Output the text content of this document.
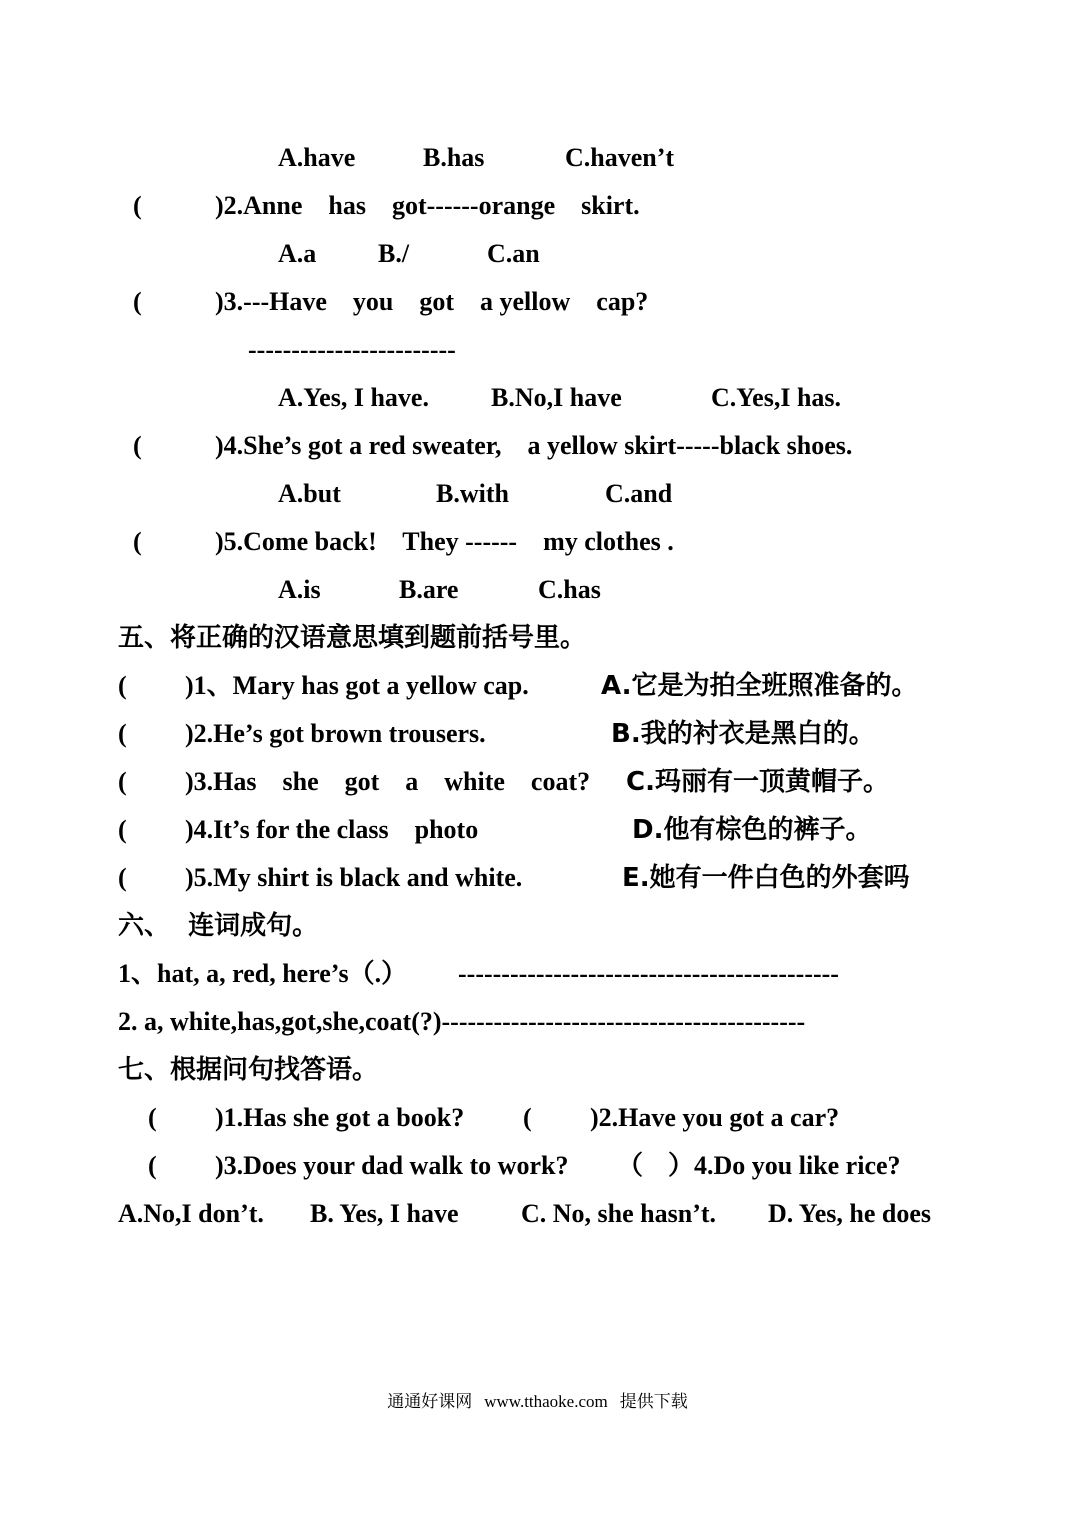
A.have	B.has	C.haven’t
(	)2.Anne    has    got------orange    skirt.
A.a B./	C.an
(	)3.---Have    you    got    a yellow    cap?
------------------------
A.Yes, I have. B.No,I have	C.Yes,I has.
(	)4.She’s got a red sweater,    a yellow skirt-----black shoes.
A.but	B.with	C.and
(	)5.Come back!    They ------    my clothes .
A.is	B.are	C.has
五、将正确的汉语意思填到题前括号里。
( )1、Mary has got a yellow cap.	A.它是为拍全班照准备的。
( )2.He’s got brown trousers.	B.我的衬衣是黑白的。
( )3.Has    she    got    a    white    coat? C.玛丽有一顶黄帽子。
( )4.It’s for the class    photo	D.他有棕色的裤子。
( )5.My shirt is black and white.	E.她有一件白色的外套吗
六、  连词成句。
1、hat, a, red, here’s（.） --------------------------------------------
2. a, white,has,got,she,coat(?)------------------------------------------
七、根据问句找答语。
( )1.Has she got a book? ( )2.Have you got a car?
( )3.Does your dad walk to work? （ ）4.Do you like rice?
A.No,I don’t. B. Yes, I have C. No, she hasn’t. D. Yes, he does
通通好课网 www.tthaoke.com 提供下载
